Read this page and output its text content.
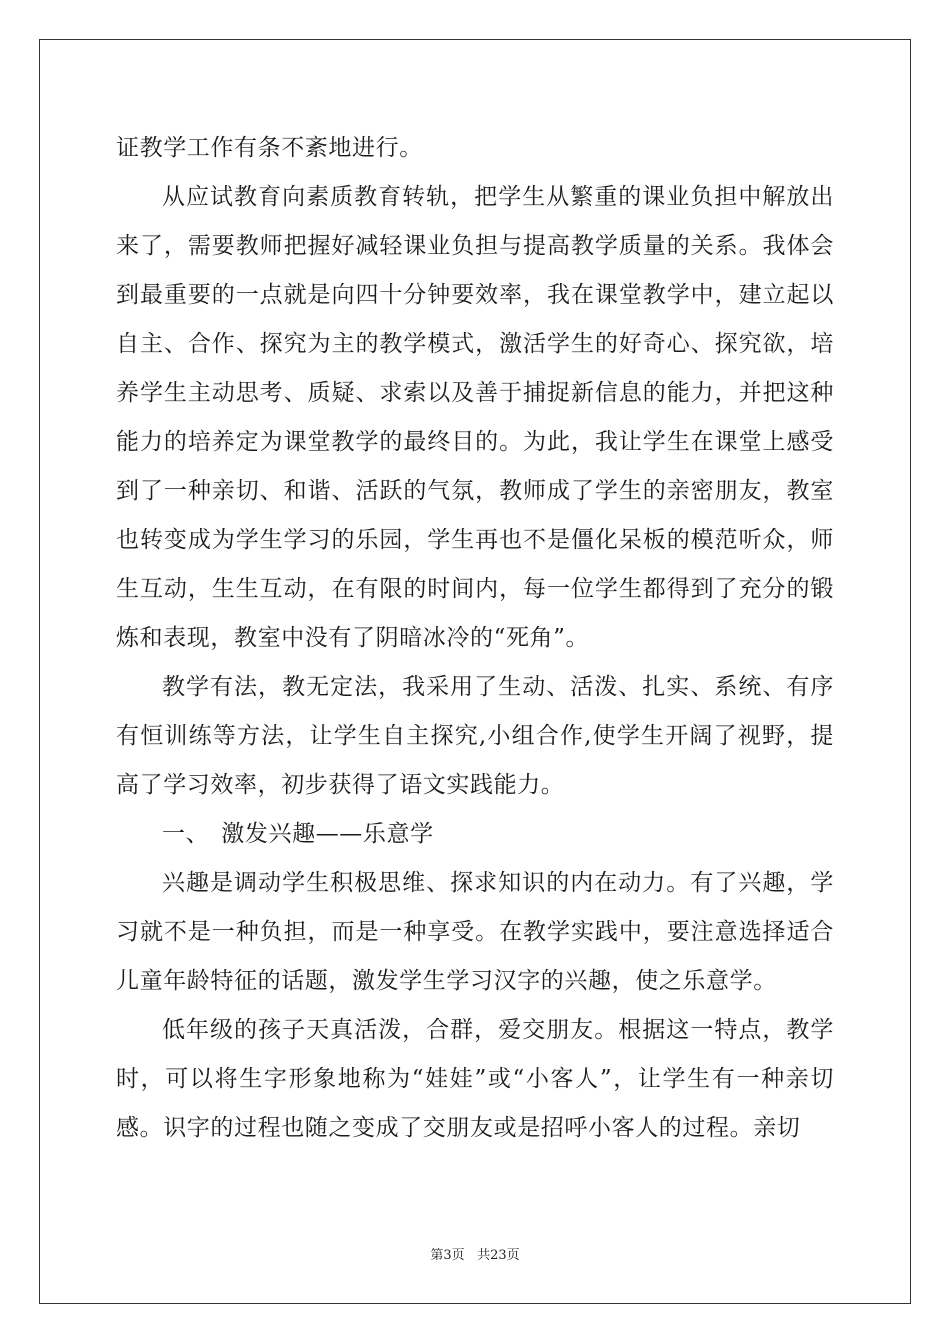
证教学工作有条不紊地进行。

从应试教育向素质教育转轨，把学生从繁重的课业负担中解放出来了，需要教师把握好减轻课业负担与提高教学质量的关系。我体会到最重要的一点就是向四十分钟要效率，我在课堂教学中，建立起以自主、合作、探究为主的教学模式，激活学生的好奇心、探究欲，培养学生主动思考、质疑、求索以及善于捕捉新信息的能力，并把这种能力的培养定为课堂教学的最终目的。为此，我让学生在课堂上感受到了一种亲切、和谐、活跃的气氛，教师成了学生的亲密朋友，教室也转变成为学生学习的乐园，学生再也不是僵化呆板的模范听众，师生互动，生生互动，在有限的时间内，每一位学生都得到了充分的锻炼和表现，教室中没有了阴暗冰冷的“死角”。

教学有法，教无定法，我采用了生动、活泼、扎实、系统、有序有恒训练等方法，让学生自主探究,小组合作,使学生开阔了视野，提高了学习效率，初步获得了语文实践能力。

一、　激发兴趣——乐意学

兴趣是调动学生积极思维、探求知识的内在动力。有了兴趣，学习就不是一种负担，而是一种享受。在教学实践中，要注意选择适合儿童年龄特征的话题，激发学生学习汉字的兴趣，使之乐意学。

低年级的孩子天真活泼，合群，爱交朋友。根据这一特点，教学时，可以将生字形象地称为“娃娃”或“小客人”，让学生有一种亲切感。识字的过程也随之变成了交朋友或是招呼小客人的过程。亲切

第3页 共23页
